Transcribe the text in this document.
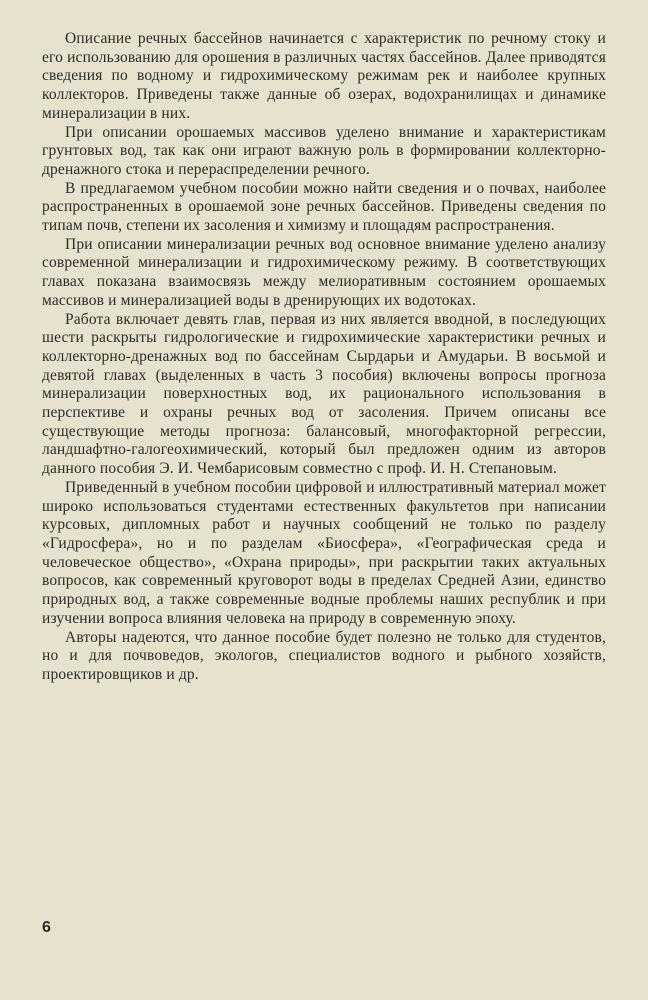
Описание речных бассейнов начинается с характеристик по речному стоку и его использованию для орошения в различных частях бассейнов. Далее приводятся сведения по водному и гидрохимическому режимам рек и наиболее крупных коллекторов. Приведены также данные об озерах, водохранилищах и динамике минерализации в них.

При описании орошаемых массивов уделено внимание и характеристикам грунтовых вод, так как они играют важную роль в формировании коллекторно-дренажного стока и перераспределении речного.

В предлагаемом учебном пособии можно найти сведения и о почвах, наиболее распространенных в орошаемой зоне речных бассейнов. Приведены сведения по типам почв, степени их засоления и химизму и площадям распространения.

При описании минерализации речных вод основное внимание уделено анализу современной минерализации и гидрохимическому режиму. В соответствующих главах показана взаимосвязь между мелиоративным состоянием орошаемых массивов и минерализацией воды в дренирующих их водотоках.

Работа включает девять глав, первая из них является вводной, в последующих шести раскрыты гидрологические и гидрохимические характеристики речных и коллекторно-дренажных вод по бассейнам Сырдарьи и Амударьи. В восьмой и девятой главах (выделенных в часть 3 пособия) включены вопросы прогноза минерализации поверхностных вод, их рационального использования в перспективе и охраны речных вод от засоления. Причем описаны все существующие методы прогноза: балансовый, многофакторной регрессии, ландшафтно-галогеохимический, который был предложен одним из авторов данного пособия Э. И. Чембарисовым совместно с проф. И. Н. Степановым.

Приведенный в учебном пособии цифровой и иллюстративный материал может широко использоваться студентами естественных факультетов при написании курсовых, дипломных работ и научных сообщений не только по разделу «Гидросфера», но и по разделам «Биосфера», «Географическая среда и человеческое общество», «Охрана природы», при раскрытии таких актуальных вопросов, как современный круговорот воды в пределах Средней Азии, единство природных вод, а также современные водные проблемы наших республик и при изучении вопроса влияния человека на природу в современную эпоху.

Авторы надеются, что данное пособие будет полезно не только для студентов, но и для почвоведов, экологов, специалистов водного и рыбного хозяйств, проектировщиков и др.

6
